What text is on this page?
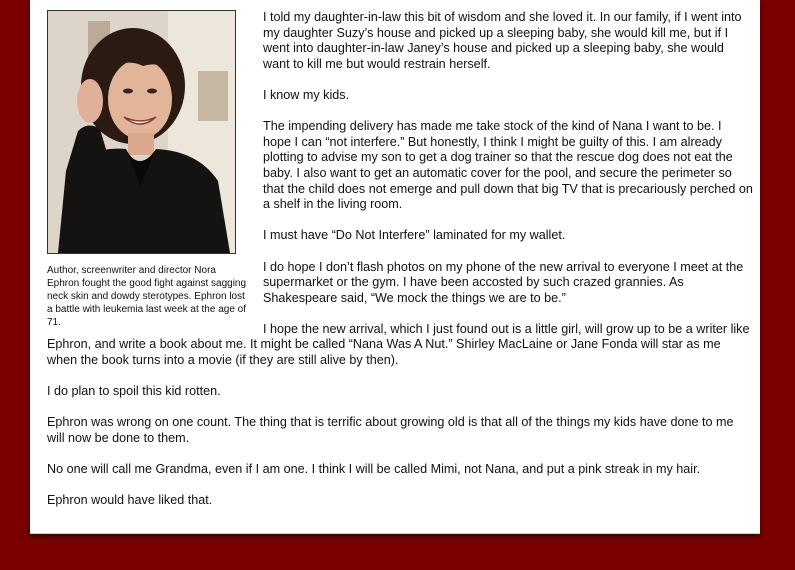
Author, screenwriter and director Nora Ephron fought the good fight against sagging neck skin and dowdy sterotypes. Ephron lost a battle with leukemia last week at the age of 71.

I told my daughter-in-law this bit of wisdom and she loved it. In our family, if I went into my daughter Suzy’s house and picked up a sleeping baby, she would kill me, but if I went into daughter-in-law Janey’s house and picked up a sleeping baby, she would want to kill me but would restrain herself.

I know my kids.

The impending delivery has made me take stock of the kind of Nana I want to be. I hope I can “not interfere.” But honestly, I think I might be guilty of this. I am already plotting to advise my son to get a dog trainer so that the rescue dog does not eat the baby. I also want to get an automatic cover for the pool, and secure the perimeter so that the child does not emerge and pull down that big TV that is precariously perched on a shelf in the living room.

I must have “Do Not Interfere” laminated for my wallet.

I do hope I don’t flash photos on my phone of the new arrival to everyone I meet at the supermarket or the gym. I have been accosted by such crazed grannies. As Shakespeare said, “We mock the things we are to be.”

I hope the new arrival, which I just found out is a little girl, will grow up to be a writer like Ephron, and write a book about me. It might be called “Nana Was A Nut.” Shirley MacLaine or Jane Fonda will star as me when the book turns into a movie (if they are still alive by then).

I do plan to spoil this kid rotten.

Ephron was wrong on one count. The thing that is terrific about growing old is that all of the things my kids have done to me will now be done to them.

No one will call me Grandma, even if I am one. I think I will be called Mimi, not Nana, and put a pink streak in my hair.

Ephron would have liked that.
